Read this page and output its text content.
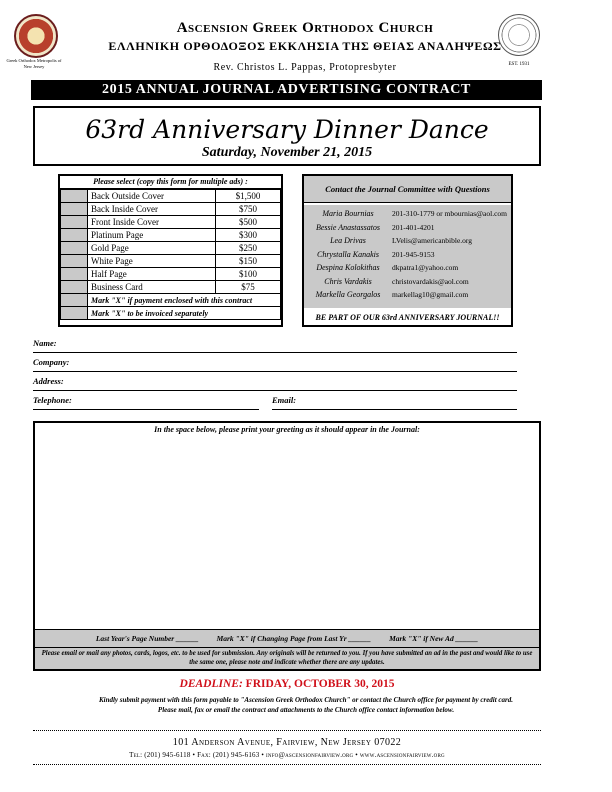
Greek Orthodox Metropolis of New Jersey	EST. 1931
Ascension Greek Orthodox Church
ΕΛΛΗΝΙΚΗ ΟΡΘΟΔΟΞΟΣ ΕΚΚΛΗΣΙΑ ΤΗΣ ΘΕΙΑΣ ΑΝΑΛΗΨΕΩΣ
Rev. Christos L. Pappas, Protopresbyter
2015 ANNUAL JOURNAL ADVERTISING CONTRACT
63rd Anniversary Dinner Dance
Saturday, November 21, 2015
Please select (copy this form for multiple ads) :
	Back Outside Cover	$1,500
	Back Inside Cover	$750
	Front Inside Cover	$500
	Platinum Page	$300
	Gold Page	$250
	White Page	$150
	Half Page	$100
	Business Card	$75
	Mark "X" if payment enclosed with this contract	
	Mark "X" to be invoiced separately	
Contact the Journal Committee with Questions
Maria Bournias	201-310-1779 or mbournias@aol.com
Bessie Anastassatos	201-401-4201
Lea Drivas	LVelis@americanbible.org
Chrystalla Kanakis	201-945-9153
Despina Kolokithas	dkpatra1@yahoo.com
Chris Vardakis	christovardakis@aol.com
Markella Georgalos	markellag10@gmail.com
BE PART OF OUR 63rd ANNIVERSARY JOURNAL!!
Name:
Company:
Address:
Telephone:	Email:
In the space below, please print your greeting as it should appear in the Journal:
Last Year's Page Number ______ Mark "X" if Changing Page from Last Yr ______ Mark "X" if New Ad ______
Please email or mail any photos, cards, logos, etc. to be used for submission. Any originals will be returned to you. If you have submitted an ad in the past and would like to use the same one, please note and indicate whether there are any updates.
DEADLINE: FRIDAY, OCTOBER 30, 2015
Kindly submit payment with this form payable to "Ascension Greek Orthodox Church" or contact the Church office for payment by credit card.
Please mail, fax or email the contract and attachments to the Church office contact information below.
101 Anderson Avenue, Fairview, New Jersey 07022
Tel: (201) 945-6118 • Fax: (201) 945-6163 • info@ascensionfairview.org • www.ascensionfairview.org
